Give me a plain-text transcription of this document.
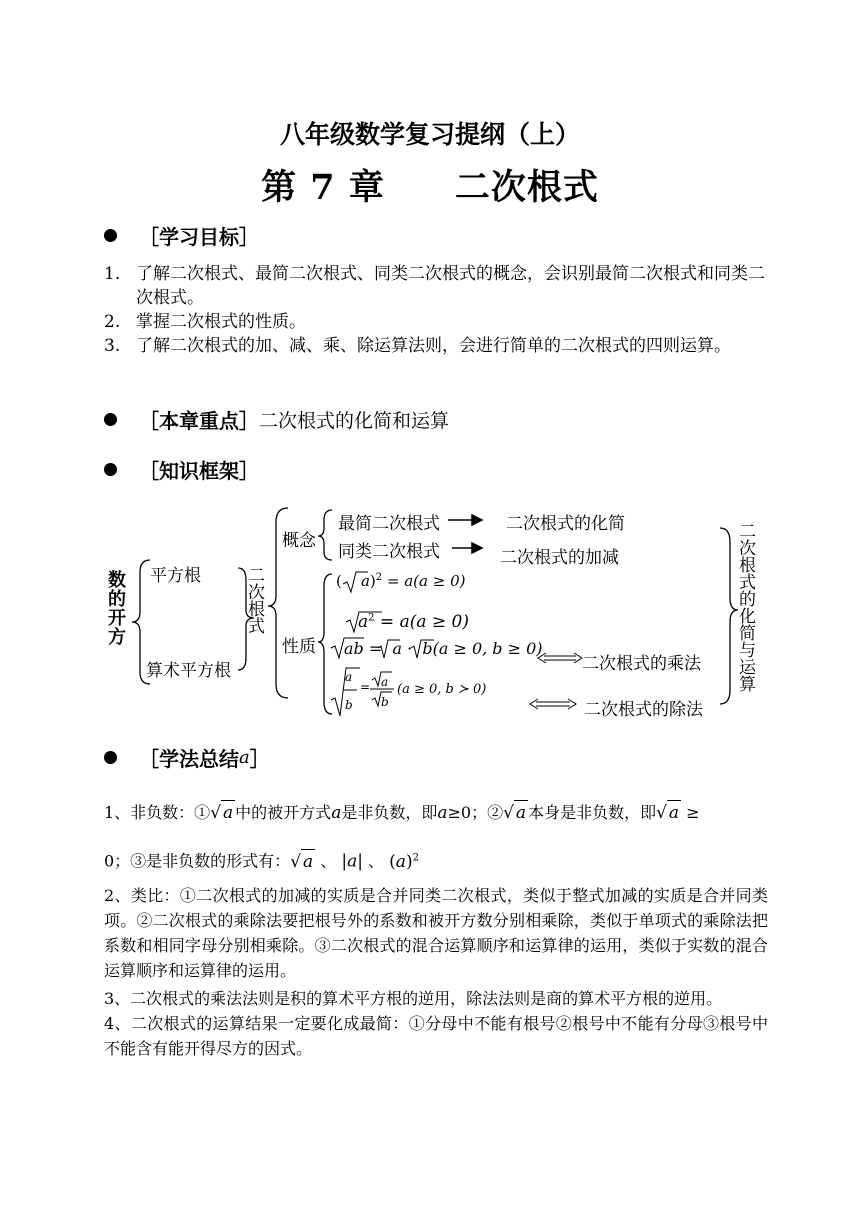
八年级数学复习提纲（上）
第 7 章 二次根式
［学习目标］
1. 了解二次根式、最简二次根式、同类二次根式的概念，会识别最简二次根式和同类二次根式。
2. 掌握二次根式的性质。
3. 了解二次根式的加、减、乘、除运算法则，会进行简单的二次根式的四则运算。
［本章重点］ 二次根式的化简和运算
［知识框架］
数的开方 平方根
算术平方根
二次根式
概念
性质
最简二次根式
同类二次根式
二次根式的化简
二次根式的加减
( a)$^2$ = a(a ≥ 0)
$a^2 = a(a \ge 0)$
ab =  a ·  b(a ≥ 0, b ≥ 0)
a

b
= a
b
(a ≥ 0, b ≻ 0)
二次根式的乘法
二次根式的除法
二次根式的化简与运算
［学法总结 a ］
1、非负数：①√ a 中的被开方式a是非负数，即a≥0；②√ a 本身是非负数，即√ a ≥
0；③是非负数的形式有：√ a 、 |a| 、 $(a)^2$
2、类比：①二次根式的加减的实质是合并同类二次根式，类似于整式加减的实质是合并同类项。②二次根式的乘除法要把根号外的系数和被开方数分别相乘除，类似于单项式的乘除法把系数和相同字母分别相乘除。③二次根式的混合运算顺序和运算律的运用，类似于实数的混合运算顺序和运算律的运用。
3、二次根式的乘法法则是积的算术平方根的逆用，除法法则是商的算术平方根的逆用。
4、二次根式的运算结果一定要化成最简：①分母中不能有根号②根号中不能有分母③根号中不能含有能开得尽方的因式。
